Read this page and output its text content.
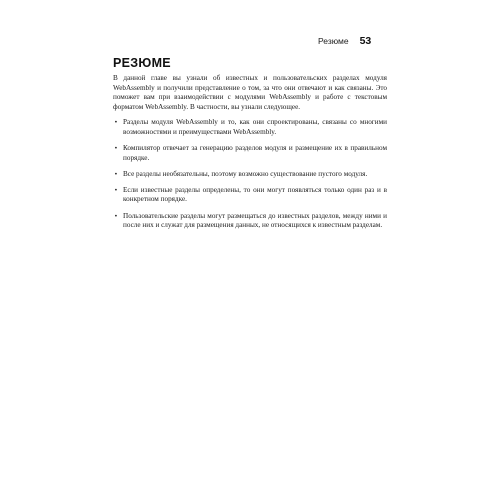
Резюме 53
РЕЗЮМЕ

В данной главе вы узнали об известных и пользовательских разделах модуля WebAssembly и получили представление о том, за что они отвечают и как связаны. Это поможет вам при взаимодействии с модулями WebAssembly и работе с текстовым форматом WebAssembly. В частности, вы узнали следующее.

• Разделы модуля WebAssembly и то, как они спроектированы, связаны со многими возможностями и преимуществами WebAssembly.
• Компилятор отвечает за генерацию разделов модуля и размещение их в правильном порядке.
• Все разделы необязательны, поэтому возможно существование пустого модуля.
• Если известные разделы определены, то они могут появляться только один раз и в конкретном порядке.
• Пользовательские разделы могут размещаться до известных разделов, между ними и после них и служат для размещения данных, не относящихся к известным разделам.
